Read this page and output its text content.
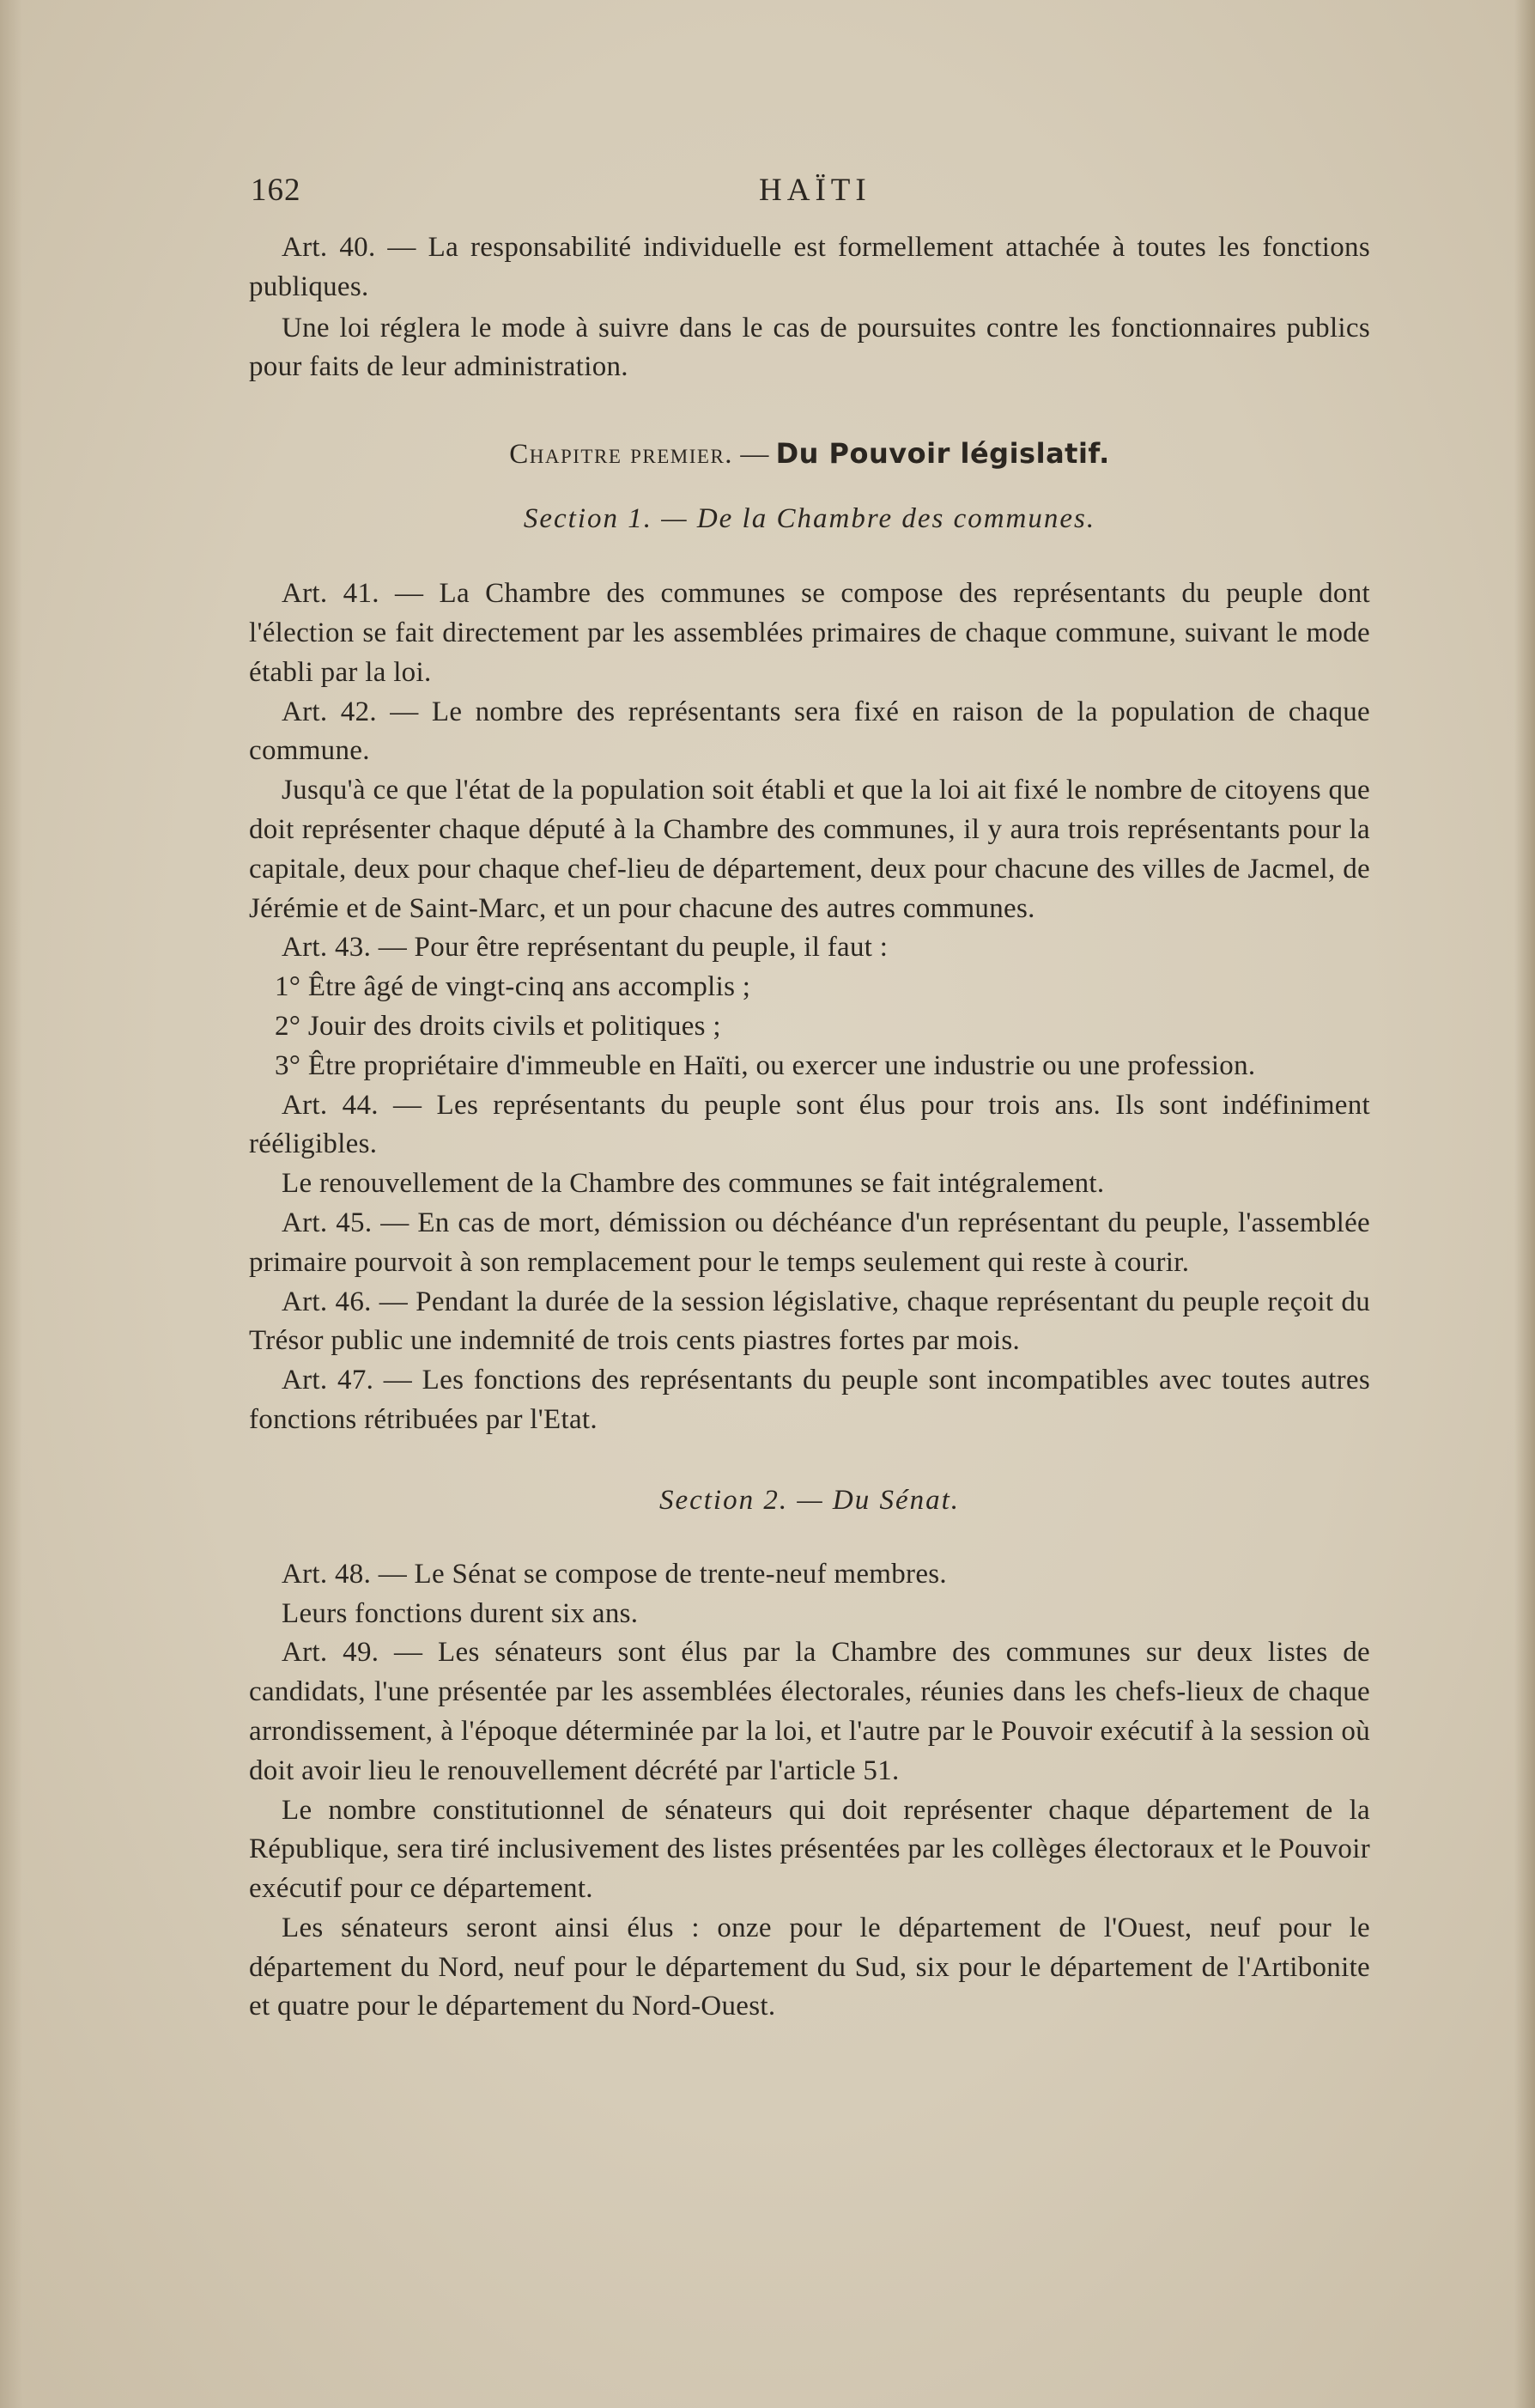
162	HAÏTI

Art. 40. — La responsabilité individuelle est formellement attachée à toutes les fonctions publiques.

Une loi réglera le mode à suivre dans le cas de poursuites contre les fonctionnaires publics pour faits de leur administration.

Chapitre premier. — Du Pouvoir législatif.
Section 1. — De la Chambre des communes.

Art. 41. — La Chambre des communes se compose des représentants du peuple dont l'élection se fait directement par les assemblées primaires de chaque commune, suivant le mode établi par la loi.

Art. 42. — Le nombre des représentants sera fixé en raison de la population de chaque commune.

Jusqu'à ce que l'état de la population soit établi et que la loi ait fixé le nombre de citoyens que doit représenter chaque député à la Chambre des communes, il y aura trois représentants pour la capitale, deux pour chaque chef-lieu de département, deux pour chacune des villes de Jacmel, de Jérémie et de Saint-Marc, et un pour chacune des autres communes.

Art. 43. — Pour être représentant du peuple, il faut :

1° Être âgé de vingt-cinq ans accomplis ;

2° Jouir des droits civils et politiques ;

3° Être propriétaire d'immeuble en Haïti, ou exercer une industrie ou une profession.

Art. 44. — Les représentants du peuple sont élus pour trois ans. Ils sont indéfiniment rééligibles.

Le renouvellement de la Chambre des communes se fait intégralement.

Art. 45. — En cas de mort, démission ou déchéance d'un représentant du peuple, l'assemblée primaire pourvoit à son remplacement pour le temps seulement qui reste à courir.

Art. 46. — Pendant la durée de la session législative, chaque représentant du peuple reçoit du Trésor public une indemnité de trois cents piastres fortes par mois.

Art. 47. — Les fonctions des représentants du peuple sont incompatibles avec toutes autres fonctions rétribuées par l'Etat.

Section 2. — Du Sénat.

Art. 48. — Le Sénat se compose de trente-neuf membres.

Leurs fonctions durent six ans.

Art. 49. — Les sénateurs sont élus par la Chambre des communes sur deux listes de candidats, l'une présentée par les assemblées électorales, réunies dans les chefs-lieux de chaque arrondissement, à l'époque déterminée par la loi, et l'autre par le Pouvoir exécutif à la session où doit avoir lieu le renouvellement décrété par l'article 51.

Le nombre constitutionnel de sénateurs qui doit représenter chaque département de la République, sera tiré inclusivement des listes présentées par les collèges électoraux et le Pouvoir exécutif pour ce département.

Les sénateurs seront ainsi élus : onze pour le département de l'Ouest, neuf pour le département du Nord, neuf pour le département du Sud, six pour le département de l'Artibonite et quatre pour le département du Nord-Ouest.
